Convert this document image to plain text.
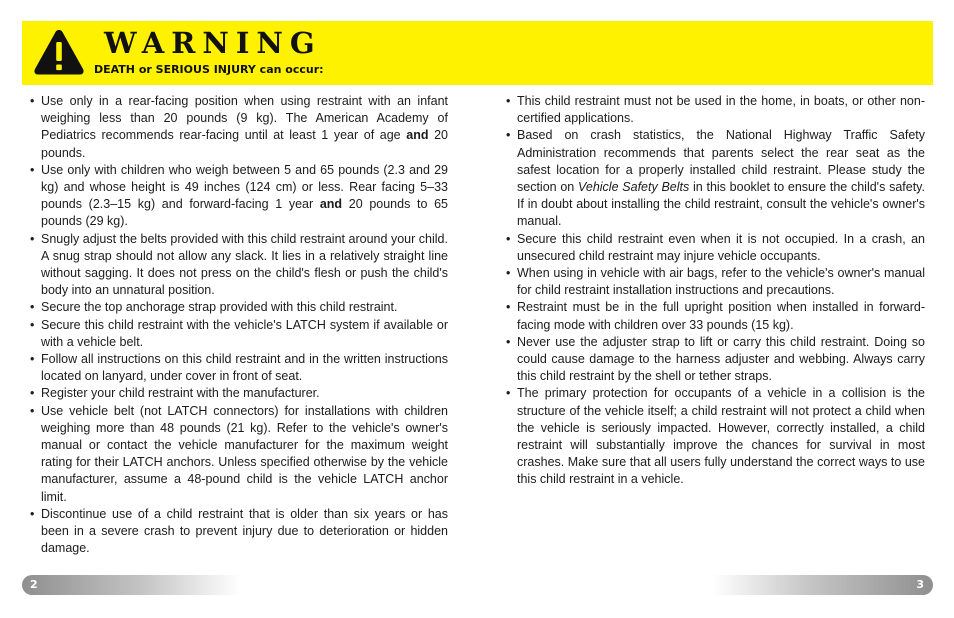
WARNING
DEATH or SERIOUS INJURY can occur:
• Use only in a rear-facing position when using restraint with an infant weighing less than 20 pounds (9 kg). The American Academy of Pediatrics recommends rear-facing until at least 1 year of age and 20 pounds.
• Use only with children who weigh between 5 and 65 pounds (2.3 and 29 kg) and whose height is 49 inches (124 cm) or less. Rear facing 5–33 pounds (2.3–15 kg) and forward-facing 1 year and 20 pounds to 65 pounds (29 kg).
• Snugly adjust the belts provided with this child restraint around your child. A snug strap should not allow any slack. It lies in a relatively straight line without sagging. It does not press on the child's flesh or push the child's body into an unnatural position.
• Secure the top anchorage strap provided with this child restraint.
• Secure this child restraint with the vehicle's LATCH system if available or with a vehicle belt.
• Follow all instructions on this child restraint and in the written instructions located on lanyard, under cover in front of seat.
• Register your child restraint with the manufacturer.
• Use vehicle belt (not LATCH connectors) for installations with children weighing more than 48 pounds (21 kg). Refer to the vehicle's owner's manual or contact the vehicle manufacturer for the maximum weight rating for their LATCH anchors. Unless specified otherwise by the vehicle manufacturer, assume a 48-pound child is the vehicle LATCH anchor limit.
• Discontinue use of a child restraint that is older than six years or has been in a severe crash to prevent injury due to deterioration or hidden damage.
• This child restraint must not be used in the home, in boats, or other non-certified applications.
• Based on crash statistics, the National Highway Traffic Safety Administration recommends that parents select the rear seat as the safest location for a properly installed child restraint. Please study the section on Vehicle Safety Belts in this booklet to ensure the child's safety. If in doubt about installing the child restraint, consult the vehicle's owner's manual.
• Secure this child restraint even when it is not occupied. In a crash, an unsecured child restraint may injure vehicle occupants.
• When using in vehicle with air bags, refer to the vehicle's owner's manual for child restraint installation instructions and precautions.
• Restraint must be in the full upright position when installed in forward-facing mode with children over 33 pounds (15 kg).
• Never use the adjuster strap to lift or carry this child restraint. Doing so could cause damage to the harness adjuster and webbing. Always carry this child restraint by the shell or tether straps.
• The primary protection for occupants of a vehicle in a collision is the structure of the vehicle itself; a child restraint will not protect a child when the vehicle is seriously impacted. However, correctly installed, a child restraint will substantially improve the chances for survival in most crashes. Make sure that all users fully understand the correct ways to use this child restraint in a vehicle.
2	3
